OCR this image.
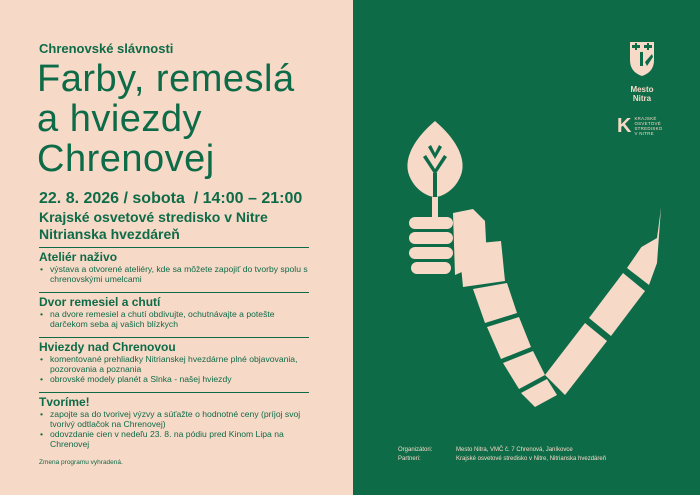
Chrenovské slávnosti
Farby, remeslá
a hviezdy
Chrenovej
22. 8. 2026 / sobota  / 14:00 – 21:00
Krajské osvetové stredisko v Nitre
Nitrianska hvezdáreň
Ateliér naživo
• výstava a otvorené ateliéry, kde sa môžete zapojiť do tvorby spolu s chrenovskými umelcami
Dvor remesiel a chutí
• na dvore remesiel a chutí obdivujte, ochutnávajte a potešte darčekom seba aj vašich blízkych
Hviezdy nad Chrenovou
• komentované prehliadky Nitrianskej hvezdárne plné objavovania, pozorovania a poznania
• obrovské modely planét a Slnka - našej hviezdy
Tvoríme!
• zapojte sa do tvorivej výzvy a súťažte o hodnotné ceny (príjoj svoj tvorivý odtlačok na Chrenovej)
• odovzdanie cien v nedeľu 23. 8. na pódiu pred Kinom Lipa na Chrenovej
Zmena programu vyhradená.
Mesto
Nitra
K KRAJSKÉ
OSVETOVÉ
STREDISKO
V NITRE
Organizátori:	Mesto Nitra, VMČ č. 7 Chrenová, Janíkovce
Partneri:	Krajské osvetové stredisko v Nitre, Nitrianska hvezdáreň
